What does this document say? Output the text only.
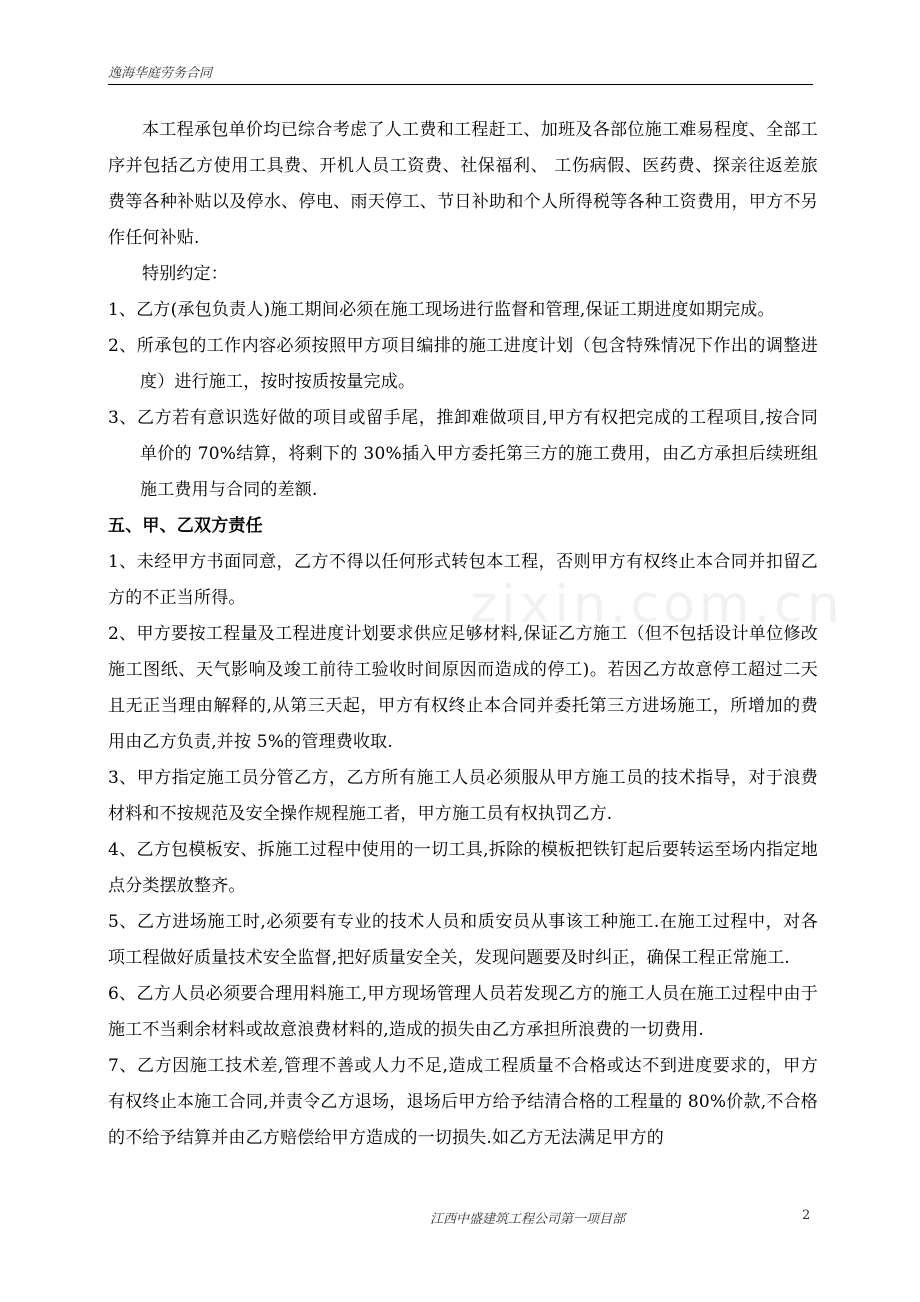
逸海华庭劳务合同
zixin.com.cn

本工程承包单价均已综合考虑了人工费和工程赶工、加班及各部位施工难易程度、全部工序并包括乙方使用工具费、开机人员工资费、社保福利、 工伤病假、医药费、探亲往返差旅费等各种补贴以及停水、停电、雨天停工、节日补助和个人所得税等各种工资费用，甲方不另作任何补贴.

特别约定：

1、乙方(承包负责人)施工期间必须在施工现场进行监督和管理,保证工期进度如期完成。

2、所承包的工作内容必须按照甲方项目编排的施工进度计划（包含特殊情况下作出的调整进度）进行施工，按时按质按量完成。

3、乙方若有意识选好做的项目或留手尾，推卸难做项目,甲方有权把完成的工程项目,按合同单价的 70%结算，将剩下的 30%插入甲方委托第三方的施工费用，由乙方承担后续班组施工费用与合同的差额.

五、甲、乙双方责任

1、未经甲方书面同意，乙方不得以任何形式转包本工程，否则甲方有权终止本合同并扣留乙方的不正当所得。

2、甲方要按工程量及工程进度计划要求供应足够材料,保证乙方施工（但不包括设计单位修改施工图纸、天气影响及竣工前待工验收时间原因而造成的停工)。若因乙方故意停工超过二天且无正当理由解释的,从第三天起，甲方有权终止本合同并委托第三方进场施工，所增加的费用由乙方负责,并按 5%的管理费收取.

3、甲方指定施工员分管乙方，乙方所有施工人员必须服从甲方施工员的技术指导，对于浪费材料和不按规范及安全操作规程施工者，甲方施工员有权执罚乙方.

4、乙方包模板安、拆施工过程中使用的一切工具,拆除的模板把铁钉起后要转运至场内指定地点分类摆放整齐。

5、乙方进场施工时,必须要有专业的技术人员和质安员从事该工种施工.在施工过程中，对各项工程做好质量技术安全监督,把好质量安全关，发现问题要及时纠正，确保工程正常施工.

6、乙方人员必须要合理用料施工,甲方现场管理人员若发现乙方的施工人员在施工过程中由于施工不当剩余材料或故意浪费材料的,造成的损失由乙方承担所浪费的一切费用.

7、乙方因施工技术差,管理不善或人力不足,造成工程质量不合格或达不到进度要求的，甲方有权终止本施工合同,并责令乙方退场，退场后甲方给予结清合格的工程量的 80%价款,不合格的不给予结算并由乙方赔偿给甲方造成的一切损失.如乙方无法满足甲方的

江西中盛建筑工程公司第一项目部	2
